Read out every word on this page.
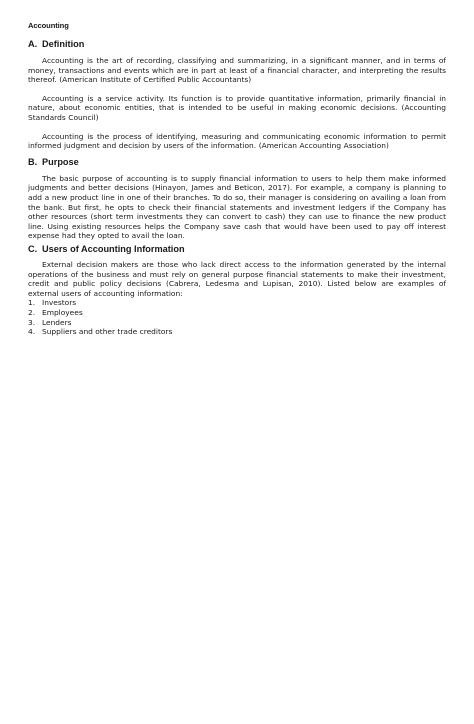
Accounting
A. Definition

Accounting is the art of recording, classifying and summarizing, in a significant manner, and in terms of money, transactions and events which are in part at least of a financial character, and interpreting the results thereof. (American Institute of Certified Public Accountants)

Accounting is a service activity. Its function is to provide quantitative information, primarily financial in nature, about economic entities, that is intended to be useful in making economic decisions. (Accounting Standards Council)

Accounting is the process of identifying, measuring and communicating economic information to permit informed judgment and decision by users of the information. (American Accounting Association)

B. Purpose

The basic purpose of accounting is to supply financial information to users to help them make informed judgments and better decisions (Hinayon, James and Beticon, 2017). For example, a company is planning to add a new product line in one of their branches. To do so, their manager is considering on availing a loan from the bank. But first, he opts to check their financial statements and investment ledgers if the Company has other resources (short term investments they can convert to cash) they can use to finance the new product line. Using existing resources helps the Company save cash that would have been used to pay off interest expense had they opted to avail the loan.

C. Users of Accounting Information

External decision makers are those who lack direct access to the information generated by the internal operations of the business and must rely on general purpose financial statements to make their investment, credit and public policy decisions (Cabrera, Ledesma and Lupisan, 2010). Listed below are examples of external users of accounting information:

1. Investors
2. Employees
3. Lenders
4. Suppliers and other trade creditors
